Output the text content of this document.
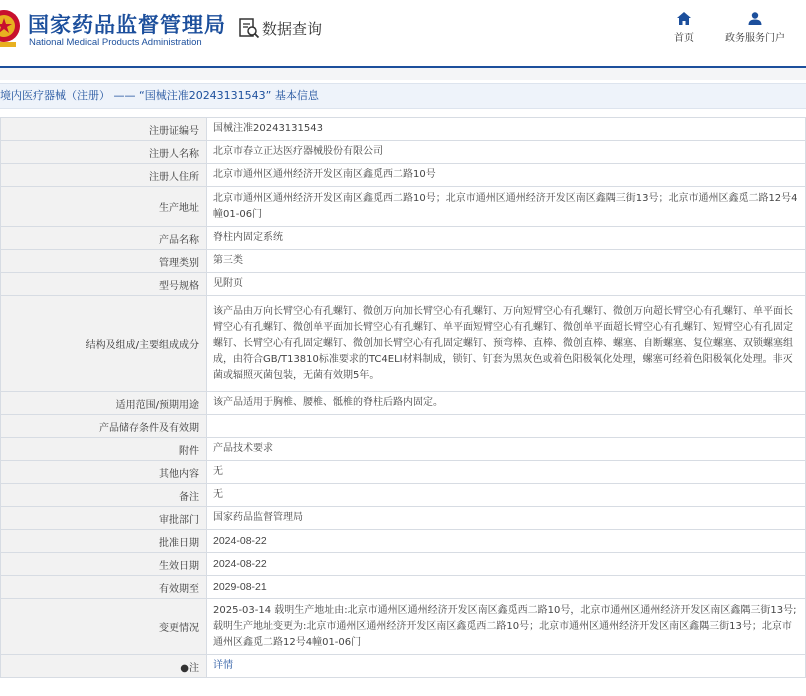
国家药品监督管理局
National Medical Products Administration
数据查询
首页	政务服务门户
境内医疗器械（注册） —— “国械注准20243131543” 基本信息
注册证编号	国械注准20243131543
注册人名称	北京市春立正达医疗器械股份有限公司
注册人住所	北京市通州区通州经济开发区南区鑫觅西二路10号
生产地址	北京市通州区通州经济开发区南区鑫觅西二路10号；北京市通州区通州经济开发区南区鑫隅三街13号；北京市通州区鑫觅二路12号4幢01-06门
产品名称	脊柱内固定系统
管理类别	第三类
型号规格	见附页
结构及组成/主要组成成分	该产品由万向长臂空心有孔螺钉、微创万向加长臂空心有孔螺钉、万向短臂空心有孔螺钉、微创万向超长臂空心有孔螺钉、单平面长臂空心有孔螺钉、微创单平面加长臂空心有孔螺钉、单平面短臂空心有孔螺钉、微创单平面超长臂空心有孔螺钉、短臂空心有孔固定螺钉、长臂空心有孔固定螺钉、微创加长臂空心有孔固定螺钉、预弯棒、直棒、微创直棒、螺塞、自断螺塞、复位螺塞、双锁螺塞组成，由符合GB/T13810标准要求的TC4ELI材料制成，锁钉、钉套为黑灰色或着色阳极氧化处理，螺塞可经着色阳极氧化处理。非灭菌或辐照灭菌包装，无菌有效期5年。
适用范围/预期用途	该产品适用于胸椎、腰椎、骶椎的脊柱后路内固定。
产品储存条件及有效期	
附件	产品技术要求
其他内容	无
备注	无
审批部门	国家药品监督管理局
批准日期	2024-08-22
生效日期	2024-08-22
有效期至	2029-08-21
变更情况	2025-03-14 载明生产地址由:北京市通州区通州经济开发区南区鑫觅西二路10号，北京市通州区通州经济开发区南区鑫隅三街13号;载明生产地址变更为:北京市通州区通州经济开发区南区鑫觅西二路10号；北京市通州区通州经济开发区南区鑫隅三街13号；北京市通州区鑫觅二路12号4幢01-06门
●注	详情
